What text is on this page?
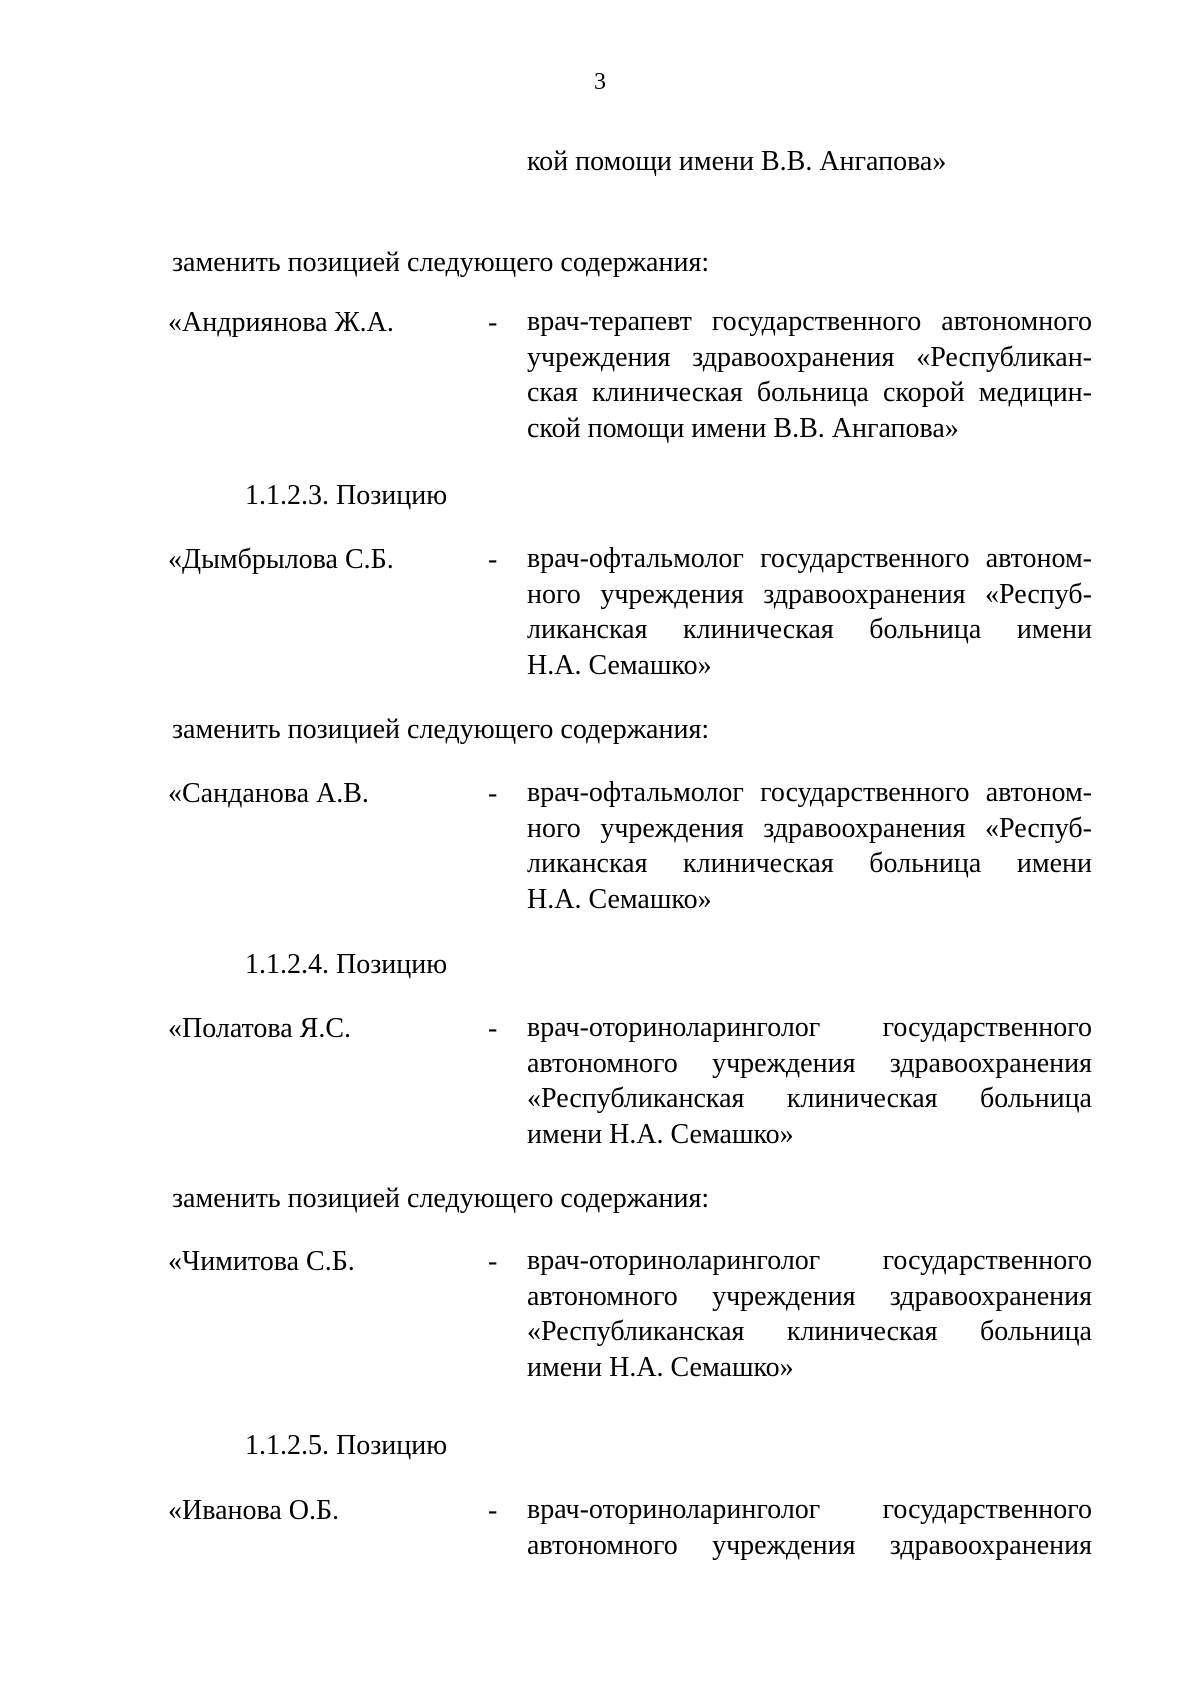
3
кой помощи имени В.В. Ангапова»
заменить позицией следующего содержания:
«Андриянова Ж.А.	- врач-терапевт государственного автономного
учреждения здравоохранения «Республикан-
ская клиническая больница скорой медицин-
ской помощи имени В.В. Ангапова»
1.1.2.3. Позицию
«Дымбрылова С.Б.	- врач-офтальмолог государственного автоном-
ного учреждения здравоохранения «Респуб-
ликанская клиническая больница имени
Н.А. Семашко»
заменить позицией следующего содержания:
«Санданова А.В.	- врач-офтальмолог государственного автоном-
ного учреждения здравоохранения «Респуб-
ликанская клиническая больница имени
Н.А. Семашко»
1.1.2.4. Позицию
«Полатова Я.С.	- врач-оториноларинголог государственного
автономного учреждения здравоохранения
«Республиканская клиническая больница
имени Н.А. Семашко»
заменить позицией следующего содержания:
«Чимитова С.Б.	- врач-оториноларинголог государственного
автономного учреждения здравоохранения
«Республиканская клиническая больница
имени Н.А. Семашко»
1.1.2.5. Позицию
«Иванова О.Б.	- врач-оториноларинголог государственного
автономного учреждения здравоохранения
